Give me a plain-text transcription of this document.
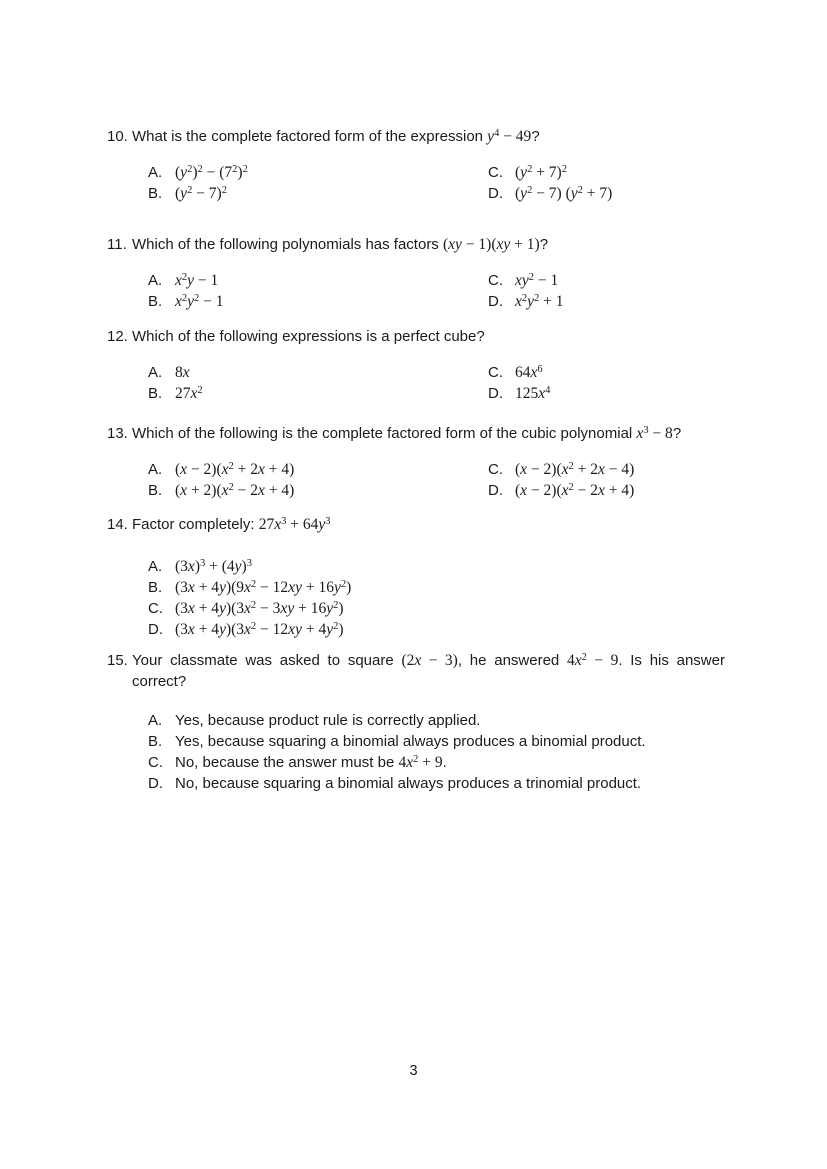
10. What is the complete factored form of the expression $y^4 - 49$?
A. $(y^2)^2 - (7^2)^2$
B. $(y^2 - 7)^2$
C. $(y^2 + 7)^2$
D. $(y^2 - 7) (y^2 + 7)$
11. Which of the following polynomials has factors (xy − 1)(xy + 1)?
A. $x^2y - 1$
B. $x^2y^2 - 1$
C. $xy^2 - 1$
D. $x^2y^2 + 1$
12. Which of the following expressions is a perfect cube?
A. 8x
B. $27x^2$
C. $64x^6$
D. $125x^4$
13. Which of the following is the complete factored form of the cubic polynomial $x^3 - 8$?
A. $(x - 2)(x^2 + 2x + 4)$
B. $(x + 2)(x^2 - 2x + 4)$
C. $(x - 2)(x^2 + 2x - 4)$
D. $(x - 2)(x^2 - 2x + 4)$
14. Factor completely: $27x^3 + 64y^3$
A. $(3x)^3 + (4y)^3$
B. $(3x + 4y)(9x^2 - 12xy + 16y^2)$
C. $(3x + 4y)(3x^2 - 3xy + 16y^2)$
D. $(3x + 4y)(3x^2 - 12xy + 4y^2)$
15. Your classmate was asked to square (2x − 3), he answered $4x^2 - 9$. Is his answer correct?
A. Yes, because product rule is correctly applied.
B. Yes, because squaring a binomial always produces a binomial product.
C. No, because the answer must be $4x^2 + 9$.
D. No, because squaring a binomial always produces a trinomial product.
3
